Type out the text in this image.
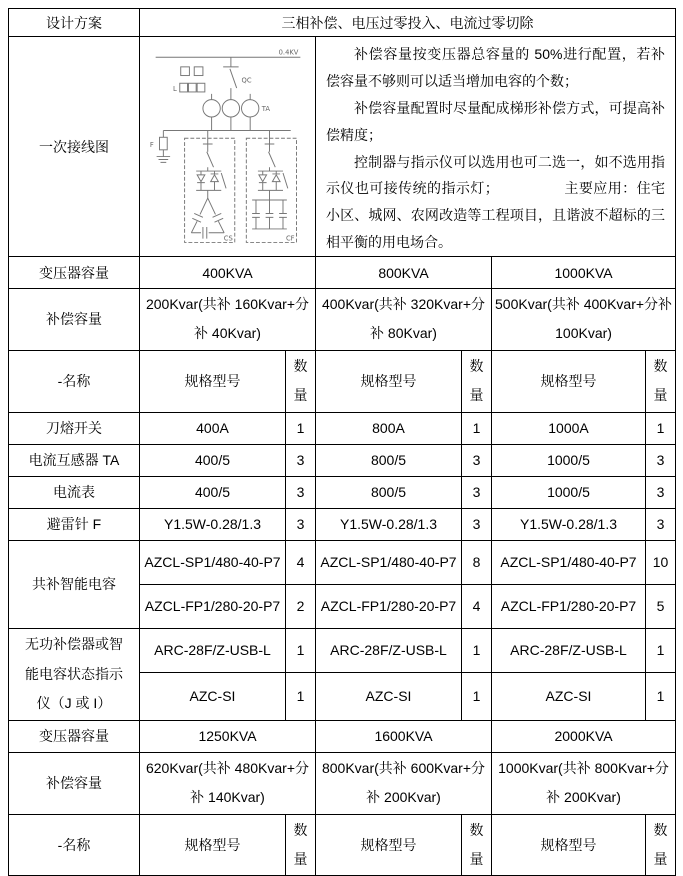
设计方案	三相补偿、电压过零投入、电流过零切除					
一次接线图	
0.4KV
QC
TA
F
L
CS	CF

补偿容量按变压器总容量的 50%进行配置，若补偿容量不够则可以适当增加电容的个数；

补偿容量配置时尽量配成梯形补偿方式，可提高补偿精度；

控制器与指示仪可以选用也可二选一，如不选用指示仪也可接传统的指示灯；　　　　　主要应用：住宅小区、城网、农网改造等工程项目，且谐波不超标的三相平衡的用电场合。

变压器容量	400KVA		800KVA		1000KVA	
补偿容量	200Kvar(共补 160Kvar+分补 40Kvar)		400Kvar(共补 320Kvar+分补 80Kvar)		500Kvar(共补 400Kvar+分补 100Kvar)	
-名称	规格型号	数量	规格型号	数量	规格型号	数量

刀熔开关	400A	1	800A	1	1000A	1
电流互感器 TA	400/5	3	800/5	3	1000/5	3
电流表	400/5	3	800/5	3	1000/5	3
避雷针 F	Y1.5W-0.28/1.3	3	Y1.5W-0.28/1.3	3	Y1.5W-0.28/1.3	3
共补智能电容	AZCL-SP1/480-40-P7	4	AZCL-SP1/480-40-P7	8	AZCL-SP1/480-40-P7	10
	AZCL-FP1/280-20-P7	2	AZCL-FP1/280-20-P7	4	AZCL-FP1/280-20-P7	5
无功补偿器或智能电容状态指示仪（J 或 I）	ARC-28F/Z-USB-L	1	ARC-28F/Z-USB-L	1	ARC-28F/Z-USB-L	1
	AZC-SI	1	AZC-SI	1	AZC-SI	1
变压器容量	1250KVA		1600KVA		2000KVA	
补偿容量	620Kvar(共补 480Kvar+分补 140Kvar)		800Kvar(共补 600Kvar+分补 200Kvar)		1000Kvar(共补 800Kvar+分补 200Kvar)	
-名称	规格型号	数量	规格型号	数量	规格型号	数量
